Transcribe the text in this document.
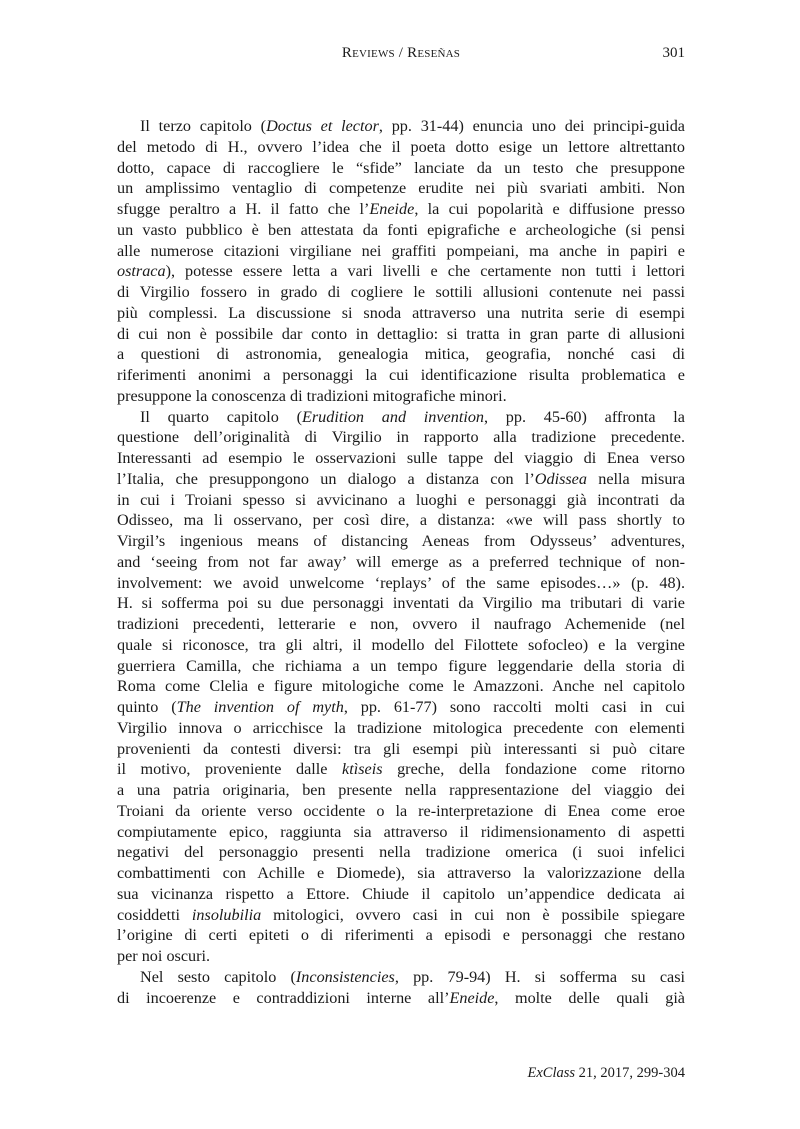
Reviews / Reseñas	301
Il terzo capitolo (Doctus et lector, pp. 31-44) enuncia uno dei principi-guida
del metodo di H., ovvero l’idea che il poeta dotto esige un lettore altrettanto
dotto, capace di raccogliere le “sfide” lanciate da un testo che presuppone
un amplissimo ventaglio di competenze erudite nei più svariati ambiti. Non
sfugge peraltro a H. il fatto che l’Eneide, la cui popolarità e diffusione presso
un vasto pubblico è ben attestata da fonti epigrafiche e archeologiche (si pensi
alle numerose citazioni virgiliane nei graffiti pompeiani, ma anche in papiri e
ostraca), potesse essere letta a vari livelli e che certamente non tutti i lettori
di Virgilio fossero in grado di cogliere le sottili allusioni contenute nei passi
più complessi. La discussione si snoda attraverso una nutrita serie di esempi
di cui non è possibile dar conto in dettaglio: si tratta in gran parte di allusioni
a questioni di astronomia, genealogia mitica, geografia, nonché casi di
riferimenti anonimi a personaggi la cui identificazione risulta problematica e
presuppone la conoscenza di tradizioni mitografiche minori.
Il quarto capitolo (Erudition and invention, pp. 45-60) affronta la
questione dell’originalità di Virgilio in rapporto alla tradizione precedente.
Interessanti ad esempio le osservazioni sulle tappe del viaggio di Enea verso
l’Italia, che presuppongono un dialogo a distanza con l’Odissea nella misura
in cui i Troiani spesso si avvicinano a luoghi e personaggi già incontrati da
Odisseo, ma li osservano, per così dire, a distanza: «we will pass shortly to
Virgil’s ingenious means of distancing Aeneas from Odysseus’ adventures,
and ‘seeing from not far away’ will emerge as a preferred technique of non-
involvement: we avoid unwelcome ‘replays’ of the same episodes…» (p. 48).
H. si sofferma poi su due personaggi inventati da Virgilio ma tributari di varie
tradizioni precedenti, letterarie e non, ovvero il naufrago Achemenide (nel
quale si riconosce, tra gli altri, il modello del Filottete sofocleo) e la vergine
guerriera Camilla, che richiama a un tempo figure leggendarie della storia di
Roma come Clelia e figure mitologiche come le Amazzoni. Anche nel capitolo
quinto (The invention of myth, pp. 61-77) sono raccolti molti casi in cui
Virgilio innova o arricchisce la tradizione mitologica precedente con elementi
provenienti da contesti diversi: tra gli esempi più interessanti si può citare
il motivo, proveniente dalle ktìseis greche, della fondazione come ritorno
a una patria originaria, ben presente nella rappresentazione del viaggio dei
Troiani da oriente verso occidente o la re-interpretazione di Enea come eroe
compiutamente epico, raggiunta sia attraverso il ridimensionamento di aspetti
negativi del personaggio presenti nella tradizione omerica (i suoi infelici
combattimenti con Achille e Diomede), sia attraverso la valorizzazione della
sua vicinanza rispetto a Ettore. Chiude il capitolo un’appendice dedicata ai
cosiddetti insolubilia mitologici, ovvero casi in cui non è possibile spiegare
l’origine di certi epiteti o di riferimenti a episodi e personaggi che restano
per noi oscuri.
Nel sesto capitolo (Inconsistencies, pp. 79-94) H. si sofferma su casi
di incoerenze e contraddizioni interne all’Eneide, molte delle quali già
ExClass 21, 2017, 299-304
